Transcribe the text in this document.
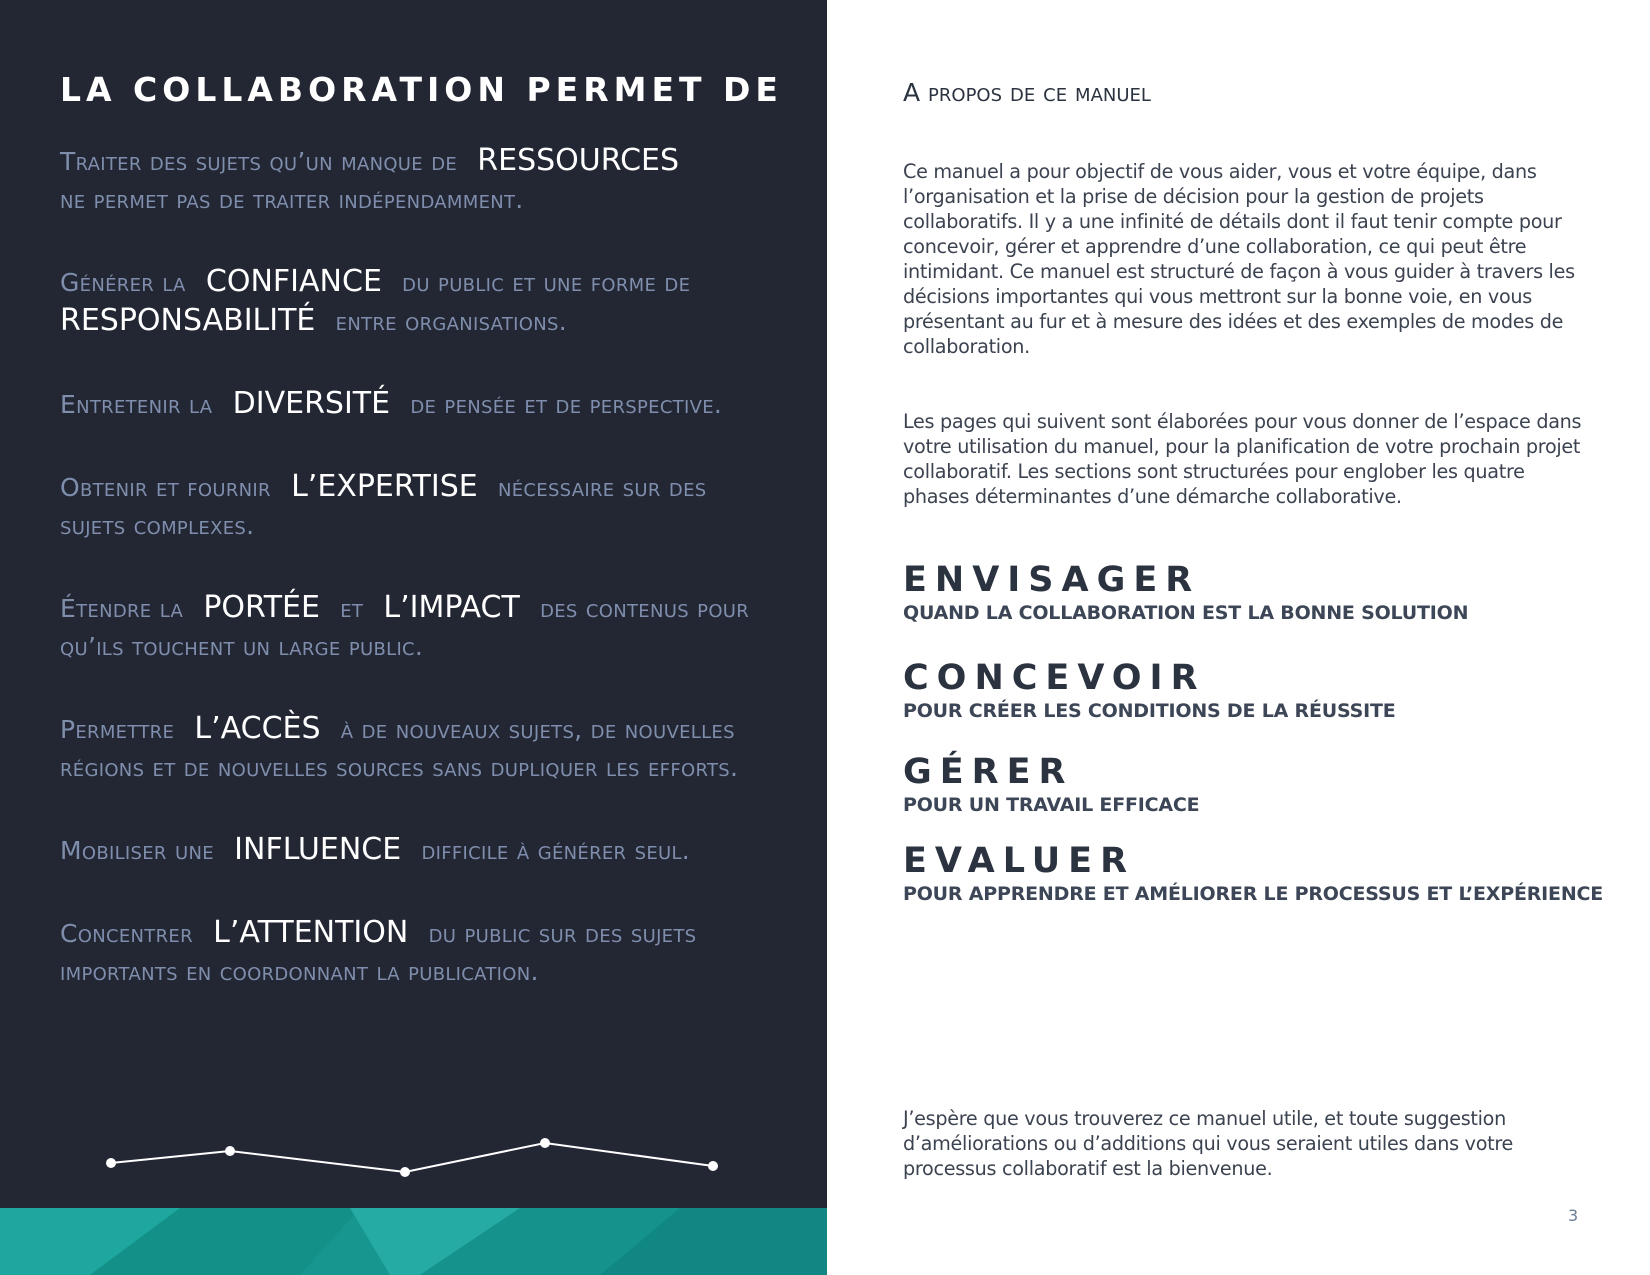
LA COLLABORATION PERMET DE

Traiter des sujets qu’un manque de RESSOURCES
ne permet pas de traiter indépendamment.

Générer la CONFIANCE du public et une forme de RESPONSABILITÉ entre organisations.

Entretenir la DIVERSITÉ de pensée et de perspective.

Obtenir et fournir L’EXPERTISE nécessaire sur des sujets complexes.

Étendre la PORTÉE et L’IMPACT des contenus pour qu’ils touchent un large public.

Permettre L’ACCÈS à de nouveaux sujets, de nouvelles régions et de nouvelles sources sans dupliquer les efforts.

Mobiliser une INFLUENCE difficile à générer seul.

Concentrer L’ATTENTION du public sur des sujets importants en coordonnant la publication.

A propos de ce manuel

Ce manuel a pour objectif de vous aider, vous et votre équipe, dans l’organisation et la prise de décision pour la gestion de projets collaboratifs. Il y a une infinité de détails dont il faut tenir compte pour concevoir, gérer et apprendre d’une collaboration, ce qui peut être intimidant. Ce manuel est structuré de façon à vous guider à travers les décisions importantes qui vous mettront sur la bonne voie, en vous présentant au fur et à mesure des idées et des exemples de modes de collaboration.

Les pages qui suivent sont élaborées pour vous donner de l’espace dans votre utilisation du manuel, pour la planification de votre prochain projet collaboratif. Les sections sont structurées pour englober les quatre phases déterminantes d’une démarche collaborative.

ENVISAGER

QUAND LA COLLABORATION EST LA BONNE SOLUTION

CONCEVOIR

POUR CRÉER LES CONDITIONS DE LA RÉUSSITE

GÉRER

POUR UN TRAVAIL EFFICACE

EVALUER

POUR APPRENDRE ET AMÉLIORER LE PROCESSUS ET L’EXPÉRIENCE

J’espère que vous trouverez ce manuel utile, et toute suggestion d’améliorations ou d’additions qui vous seraient utiles dans votre processus collaboratif est la bienvenue.

3
